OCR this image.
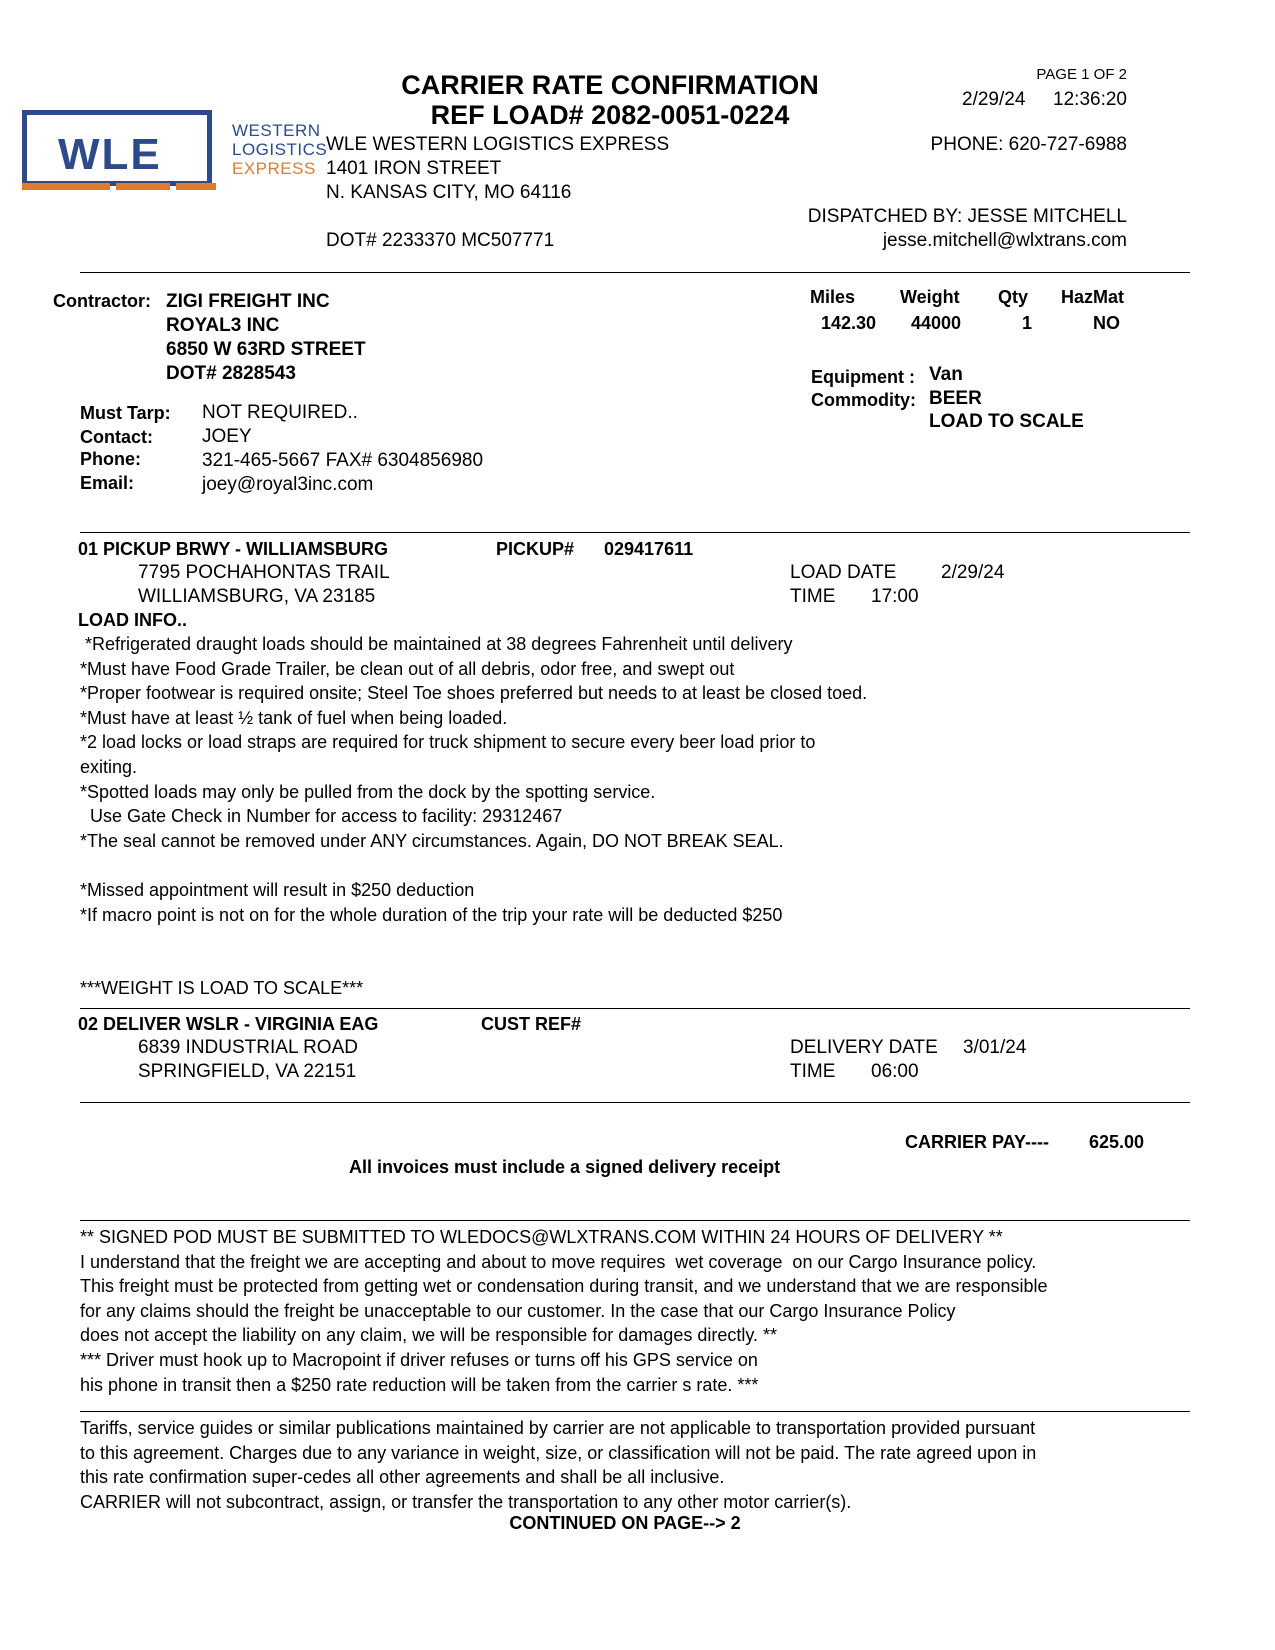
WLE	WESTERN
LOGISTICS
EXPRESS
CARRIER RATE CONFIRMATION
REF LOAD# 2082-0051-0224
PAGE 1 OF 2
2/29/24 12:36:20
WLE WESTERN LOGISTICS EXPRESS
1401 IRON STREET
N. KANSAS CITY, MO 64116
PHONE: 620-727-6988
DISPATCHED BY: JESSE MITCHELL
jesse.mitchell@wlxtrans.com
DOT# 2233370 MC507771
Contractor: ZIGI FREIGHT INC
ROYAL3 INC
6850 W 63RD STREET
DOT# 2828543
Must Tarp: NOT REQUIRED..
Contact:	JOEY
Phone:	321-465-5667 FAX# 6304856980
Email:	joey@royal3inc.com
Miles Weight Qty HazMat
142.30 44000	1	NO
Equipment : Van
Commodity: BEER
LOAD TO SCALE
01 PICKUP BRWY - WILLIAMSBURG	PICKUP# 029417611
7795 POCHAHONTAS TRAIL
WILLIAMSBURG, VA 23185
LOAD DATE 2/29/24
TIME 17:00
LOAD INFO..
*Refrigerated draught loads should be maintained at 38 degrees Fahrenheit until delivery
*Must have Food Grade Trailer, be clean out of all debris, odor free, and swept out
*Proper footwear is required onsite; Steel Toe shoes preferred but needs to at least be closed toed.
*Must have at least ½ tank of fuel when being loaded.
*2 load locks or load straps are required for truck shipment to secure every beer load prior to
exiting.
*Spotted loads may only be pulled from the dock by the spotting service.
Use Gate Check in Number for access to facility: 29312467
*The seal cannot be removed under ANY circumstances. Again, DO NOT BREAK SEAL.

*Missed appointment will result in $250 deduction
*If macro point is not on for the whole duration of the trip your rate will be deducted $250

***WEIGHT IS LOAD TO SCALE***
02 DELIVER WSLR - VIRGINIA EAG	CUST REF#
6839 INDUSTRIAL ROAD
SPRINGFIELD, VA 22151
DELIVERY DATE 3/01/24
TIME 06:00
CARRIER PAY---- 625.00
All invoices must include a signed delivery receipt
** SIGNED POD MUST BE SUBMITTED TO WLEDOCS@WLXTRANS.COM WITHIN 24 HOURS OF DELIVERY **
I understand that the freight we are accepting and about to move requires  wet coverage  on our Cargo Insurance policy.
This freight must be protected from getting wet or condensation during transit, and we understand that we are responsible
for any claims should the freight be unacceptable to our customer. In the case that our Cargo Insurance Policy
does not accept the liability on any claim, we will be responsible for damages directly. **
*** Driver must hook up to Macropoint if driver refuses or turns off his GPS service on
his phone in transit then a $250 rate reduction will be taken from the carrier s rate. ***
Tariffs, service guides or similar publications maintained by carrier are not applicable to transportation provided pursuant
to this agreement. Charges due to any variance in weight, size, or classification will not be paid. The rate agreed upon in
this rate confirmation super-cedes all other agreements and shall be all inclusive.
CARRIER will not subcontract, assign, or transfer the transportation to any other motor carrier(s).
CONTINUED ON PAGE--> 2
